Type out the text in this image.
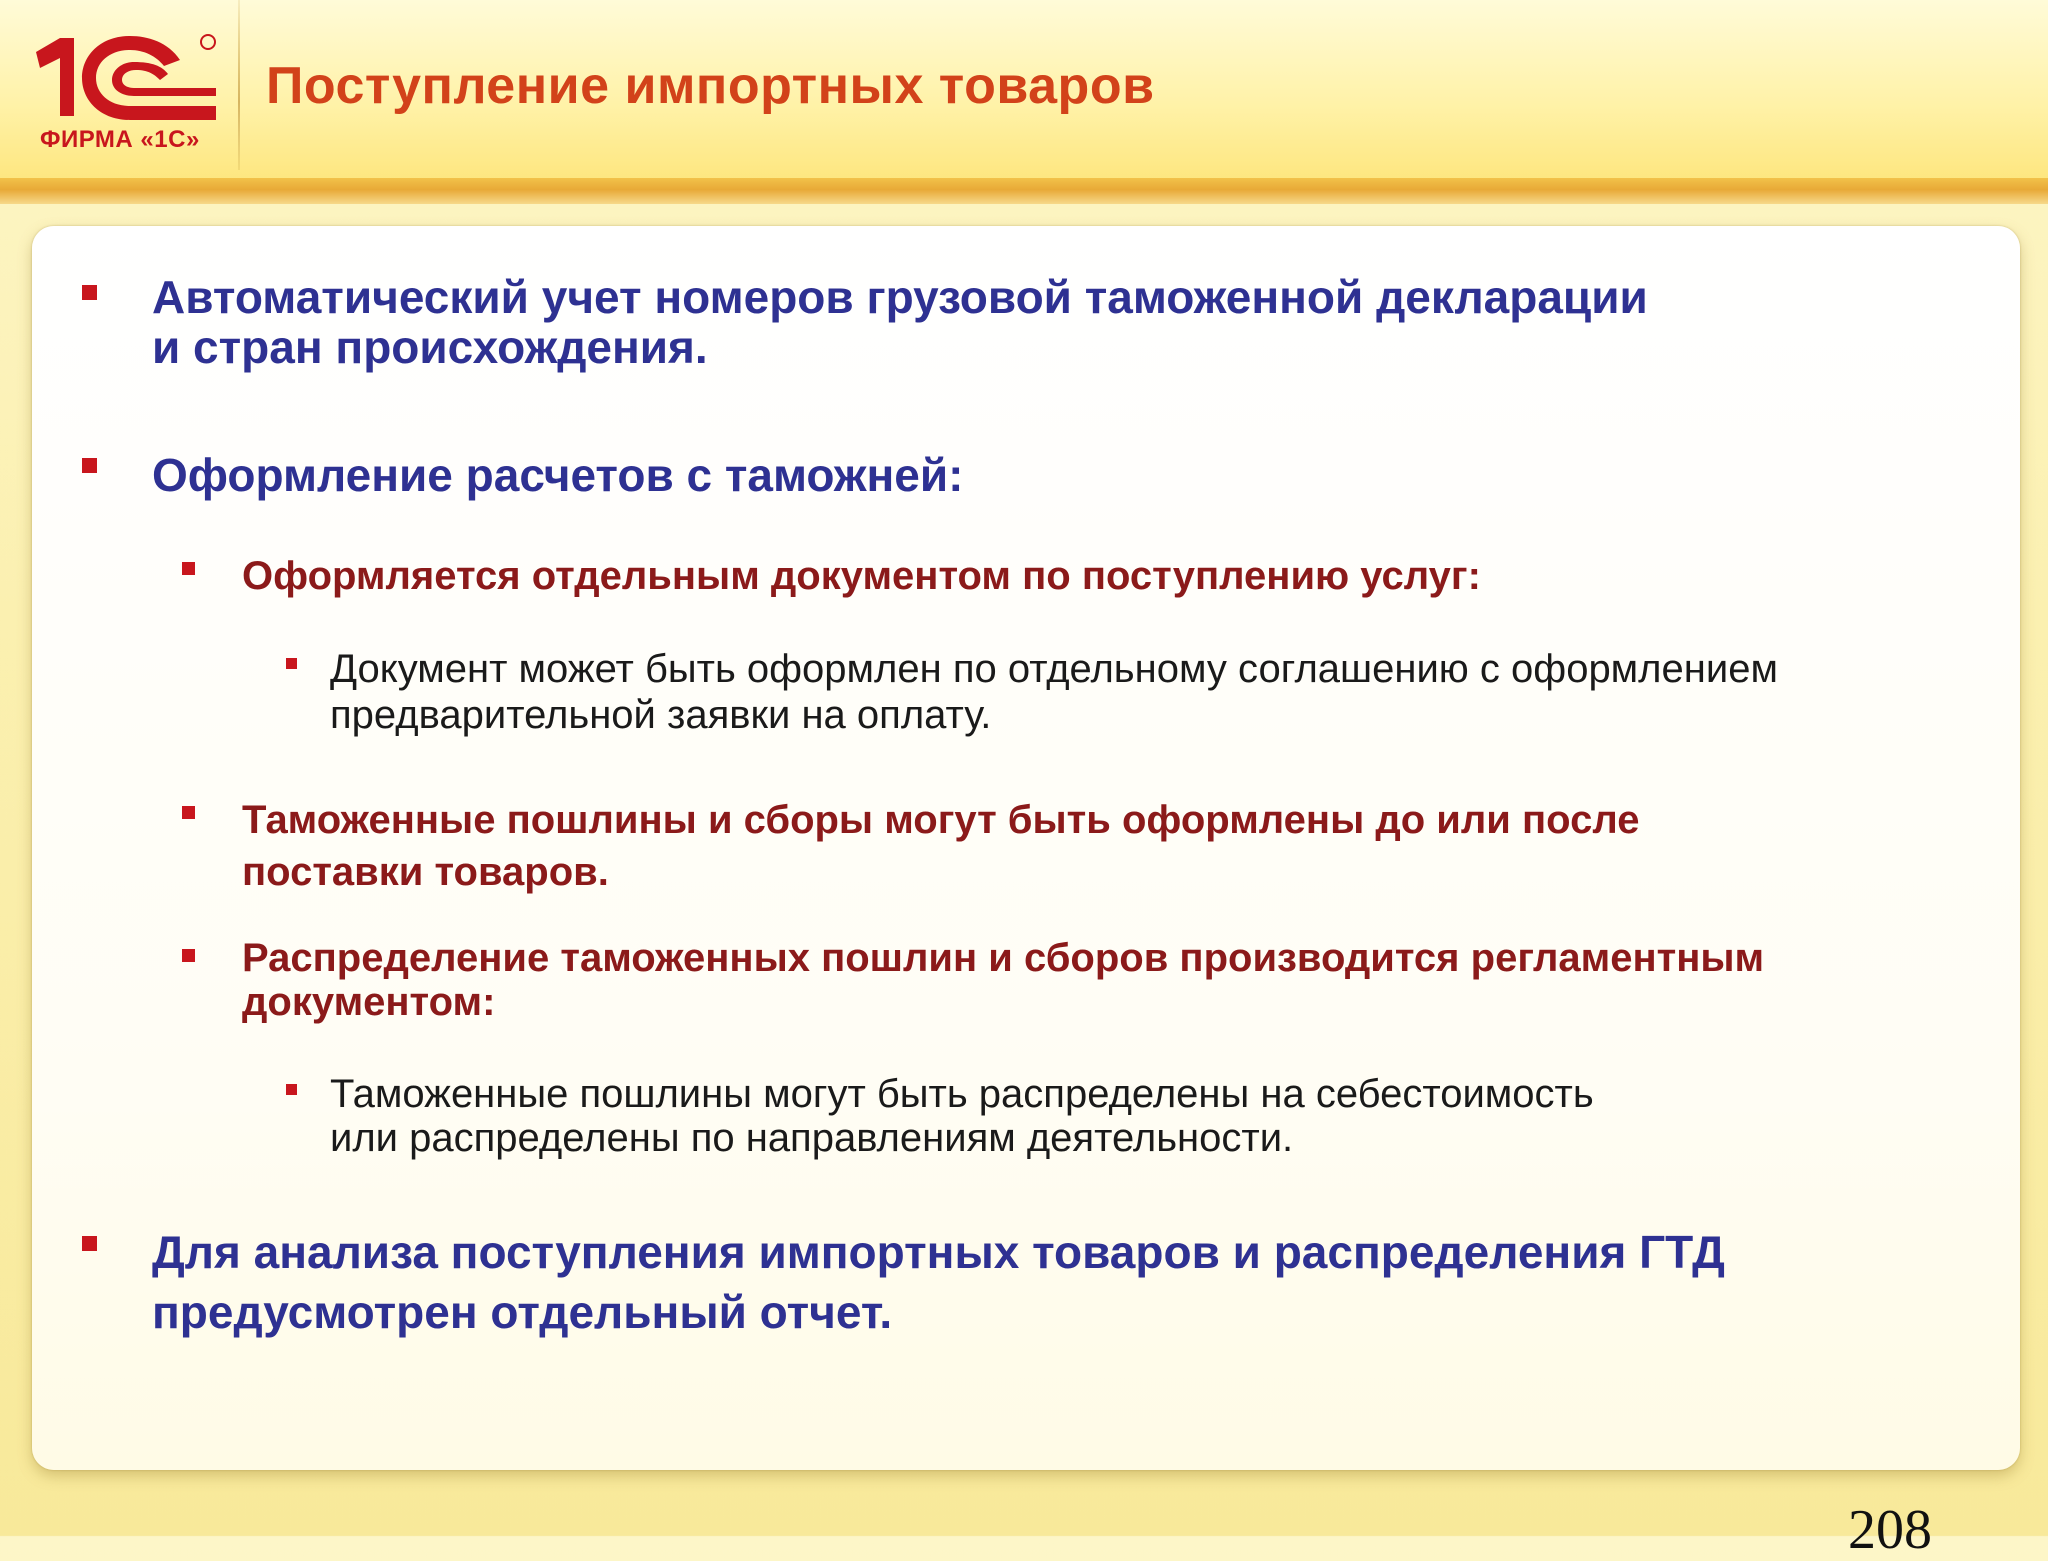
ФИРМА «1С»
Поступление импортных товаров
Автоматический учет номеров грузовой таможенной декларации
и стран происхождения.
Оформление расчетов с таможней:
Оформляется отдельным документом по поступлению услуг:
Документ может быть оформлен по отдельному соглашению с оформлением
предварительной заявки на оплату.
Таможенные пошлины и сборы могут быть оформлены до или после
поставки товаров.
Распределение таможенных пошлин и сборов производится регламентным
документом:
Таможенные пошлины могут быть распределены на себестоимость
или распределены по направлениям деятельности.
Для анализа поступления импортных товаров и распределения ГТД
предусмотрен отдельный отчет.
208
